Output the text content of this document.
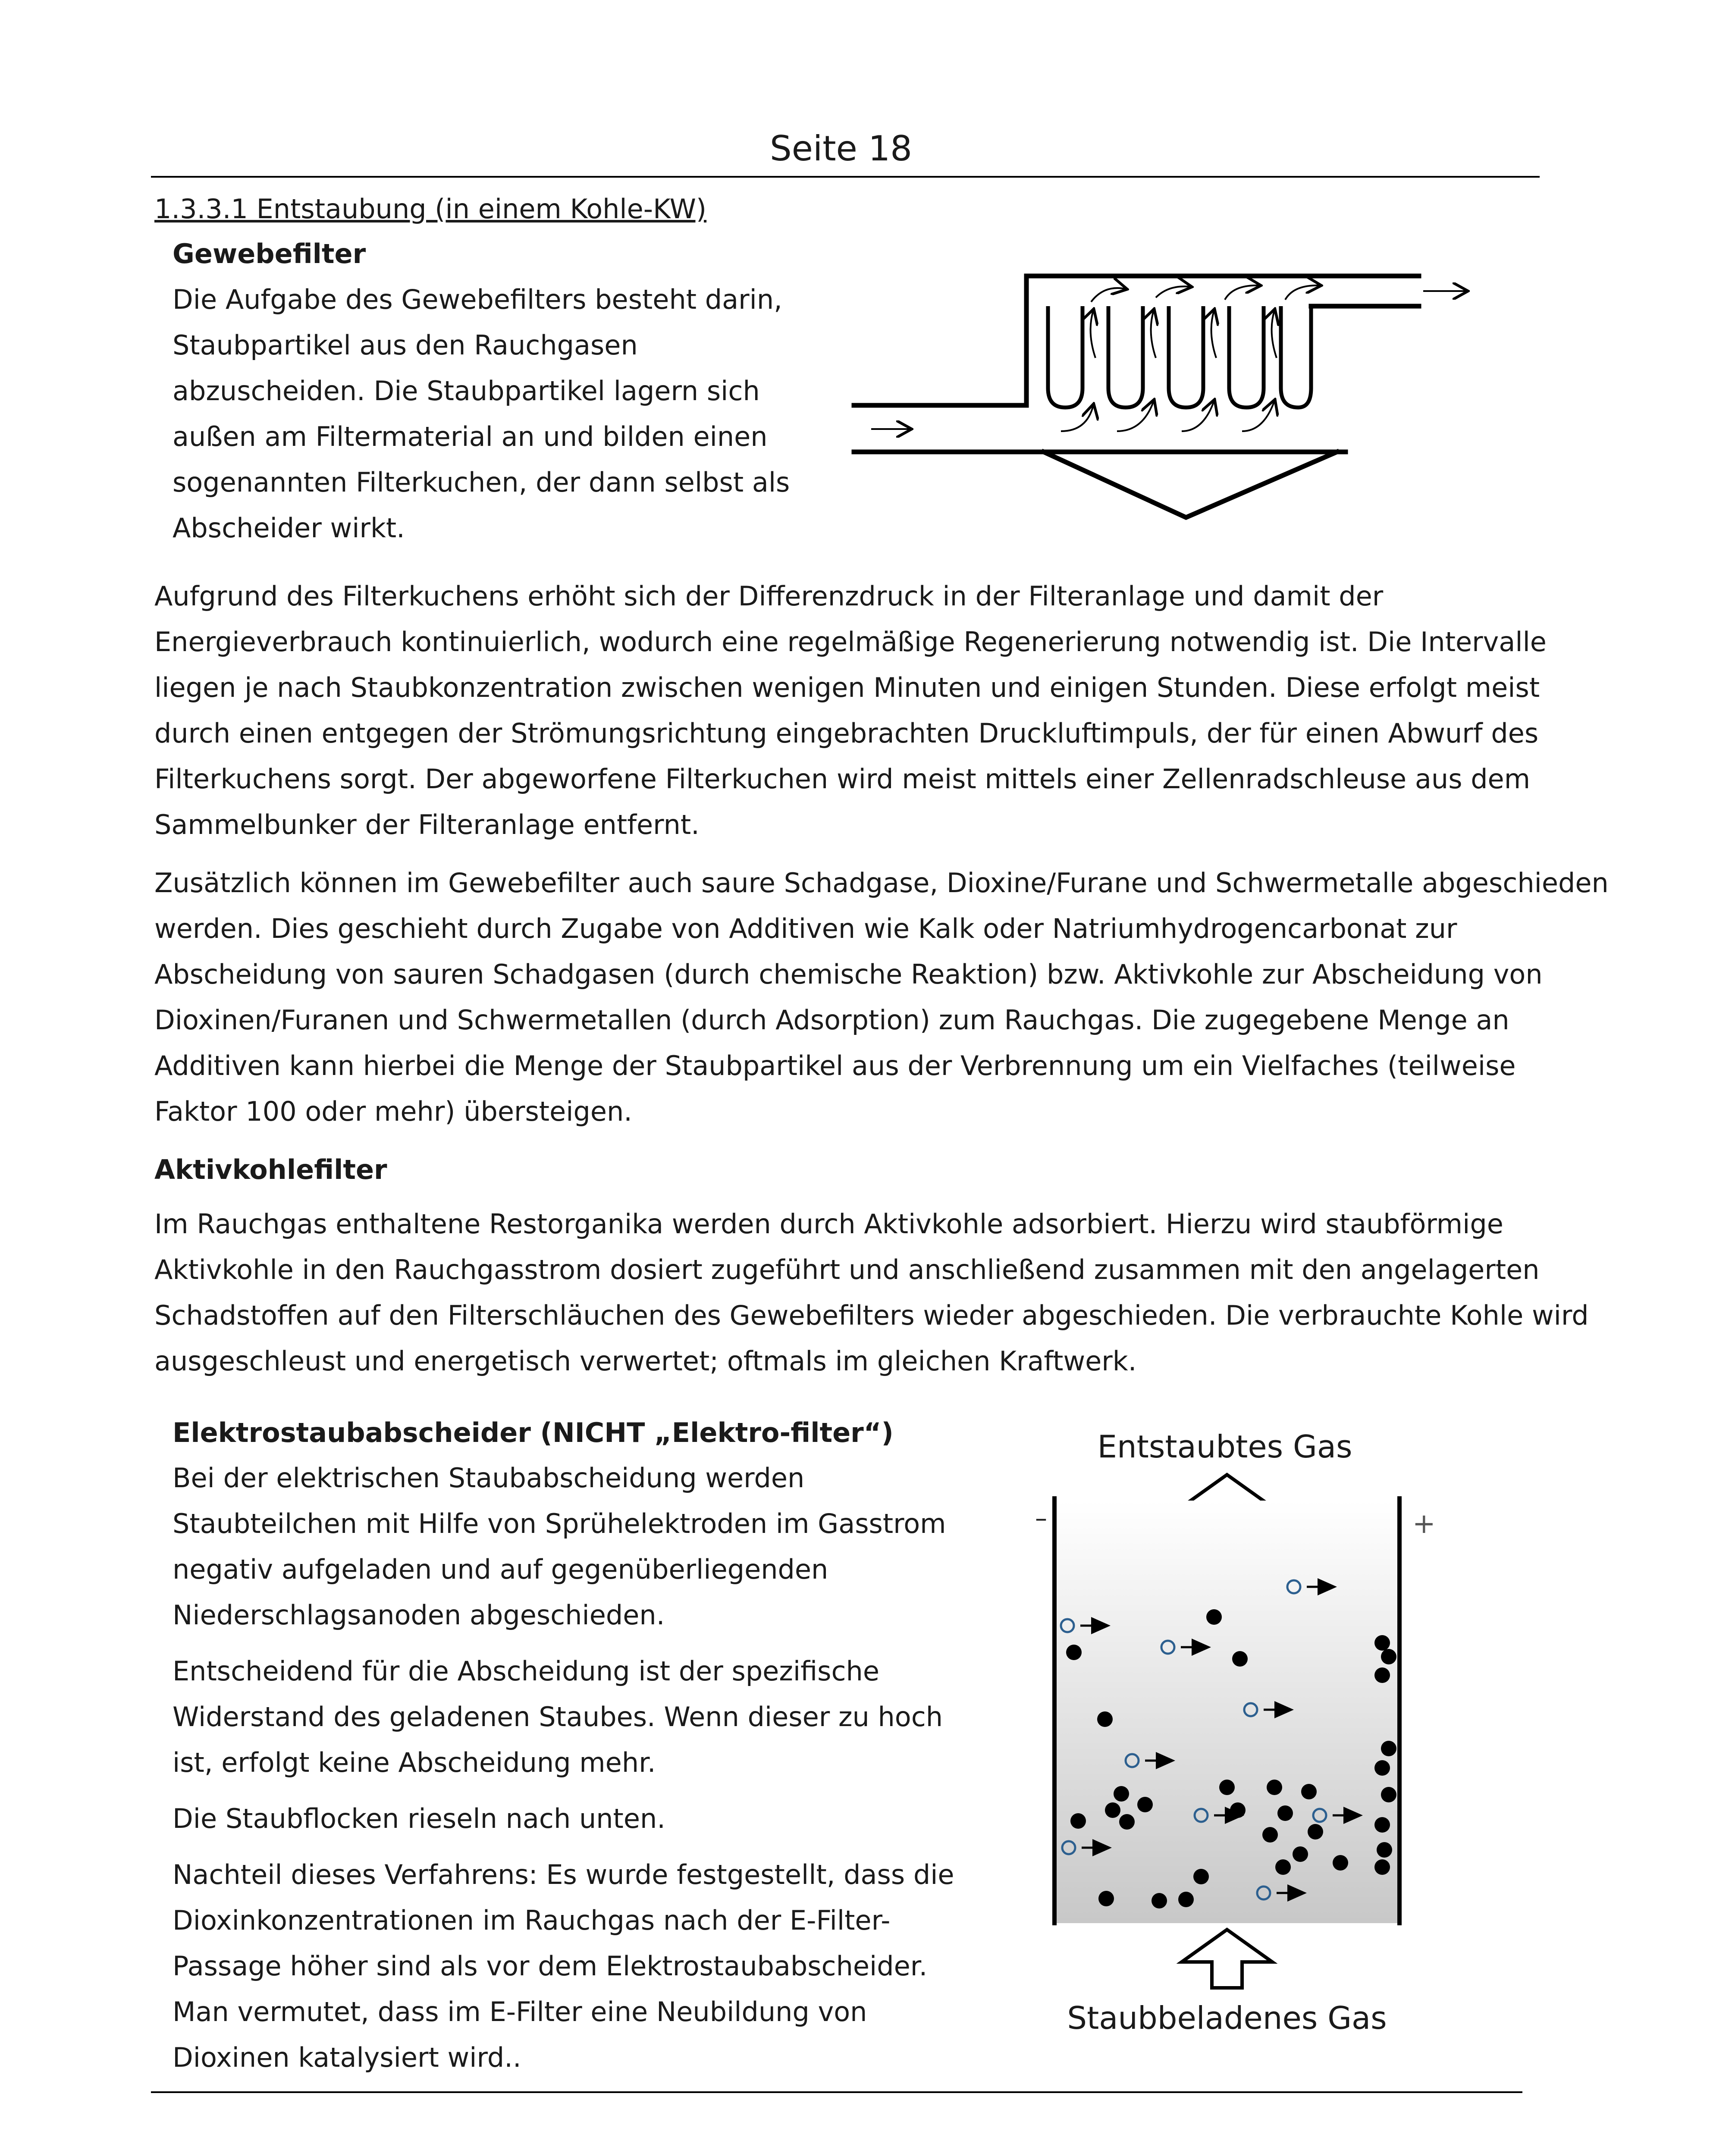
Seite 18
1.3.3.1 Entstaubung (in einem Kohle-KW)
Gewebefilter

Die Aufgabe des Gewebefilters besteht darin,

Staubpartikel aus den Rauchgasen

abzuscheiden. Die Staubpartikel lagern sich

außen am Filtermaterial an und bilden einen

sogenannten Filterkuchen, der dann selbst als

Abscheider wirkt.

Aufgrund des Filterkuchens erhöht sich der Differenzdruck in der Filteranlage und damit der

Energieverbrauch kontinuierlich, wodurch eine regelmäßige Regenerierung notwendig ist. Die Intervalle

liegen je nach Staubkonzentration zwischen wenigen Minuten und einigen Stunden. Diese erfolgt meist

durch einen entgegen der Strömungsrichtung eingebrachten Druckluftimpuls, der für einen Abwurf des

Filterkuchens sorgt. Der abgeworfene Filterkuchen wird meist mittels einer Zellenradschleuse aus dem

Sammelbunker der Filteranlage entfernt.

Zusätzlich können im Gewebefilter auch saure Schadgase, Dioxine/Furane und Schwermetalle abgeschieden

werden. Dies geschieht durch Zugabe von Additiven wie Kalk oder Natriumhydrogencarbonat zur

Abscheidung von sauren Schadgasen (durch chemische Reaktion) bzw. Aktivkohle zur Abscheidung von

Dioxinen/Furanen und Schwermetallen (durch Adsorption) zum Rauchgas. Die zugegebene Menge an

Additiven kann hierbei die Menge der Staubpartikel aus der Verbrennung um ein Vielfaches (teilweise

Faktor 100 oder mehr) übersteigen.

Aktivkohlefilter

Im Rauchgas enthaltene Restorganika werden durch Aktivkohle adsorbiert. Hierzu wird staubförmige

Aktivkohle in den Rauchgasstrom dosiert zugeführt und anschließend zusammen mit den angelagerten

Schadstoffen auf den Filterschläuchen des Gewebefilters wieder abgeschieden. Die verbrauchte Kohle wird

ausgeschleust und energetisch verwertet; oftmals im gleichen Kraftwerk.

Elektrostaubabscheider (NICHT „Elektro-filter“)

Bei der elektrischen Staubabscheidung werden

Staubteilchen mit Hilfe von Sprühelektroden im Gasstrom

negativ aufgeladen und auf gegenüberliegenden

Niederschlagsanoden abgeschieden.

Entscheidend für die Abscheidung ist der spezifische

Widerstand des geladenen Staubes. Wenn dieser zu hoch

ist, erfolgt keine Abscheidung mehr.

Die Staubflocken rieseln nach unten.

Nachteil dieses Verfahrens: Es wurde festgestellt, dass die

Dioxinkonzentrationen im Rauchgas nach der E-Filter-

Passage höher sind als vor dem Elektrostaubabscheider.

Man vermutet, dass im E-Filter eine Neubildung von

Dioxinen katalysiert wird..

Entstaubtes Gas
–	+
Staubbeladenes Gas
